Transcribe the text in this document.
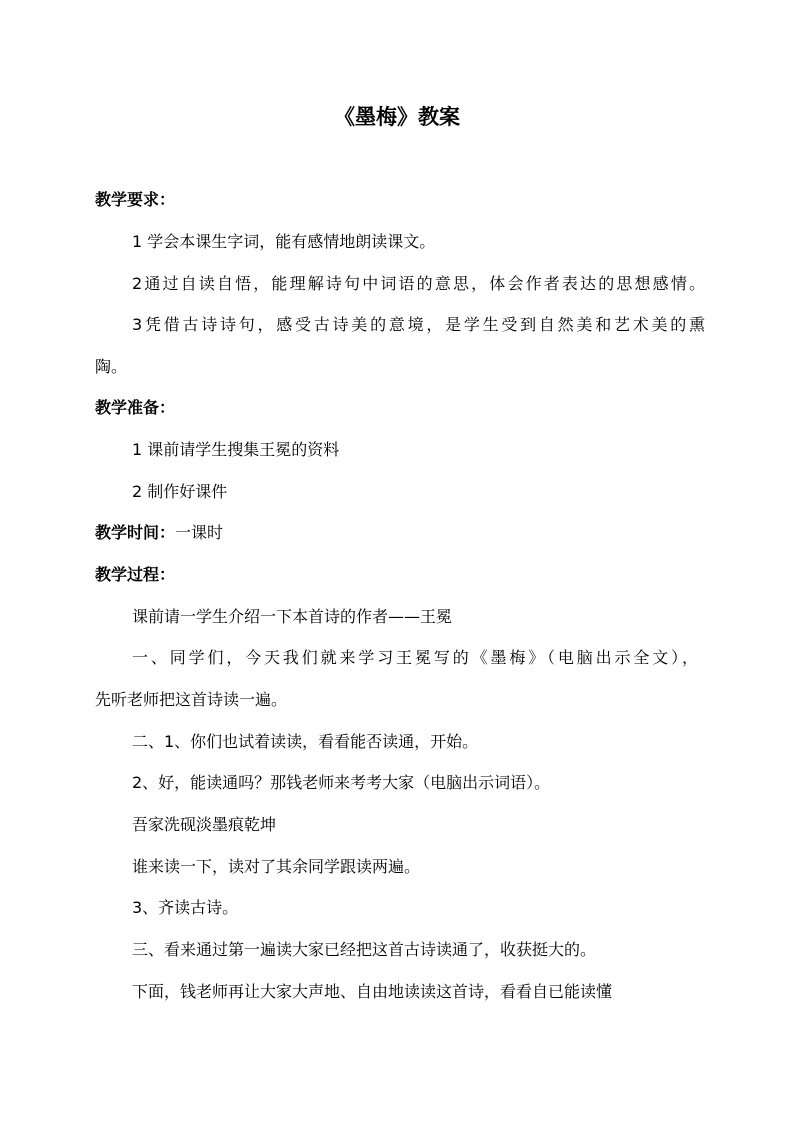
《墨梅》教案
教学要求：
1 学会本课生字词，能有感情地朗读课文。
2通过自读自悟，能理解诗句中词语的意思，体会作者表达的思想感情。
3凭借古诗诗句，感受古诗美的意境，是学生受到自然美和艺术美的熏
陶。
教学准备：
1 课前请学生搜集王冕的资料
2 制作好课件
教学时间：一课时
教学过程：
课前请一学生介绍一下本首诗的作者——王冕
一、同学们，今天我们就来学习王冕写的《墨梅》（电脑出示全文），
先听老师把这首诗读一遍。
二、1、你们也试着读读，看看能否读通，开始。
2、好，能读通吗？那钱老师来考考大家（电脑出示词语）。
吾家洗砚淡墨痕乾坤
谁来读一下，读对了其余同学跟读两遍。
3、齐读古诗。
三、看来通过第一遍读大家已经把这首古诗读通了，收获挺大的。
下面，钱老师再让大家大声地、自由地读读这首诗，看看自已能读懂
